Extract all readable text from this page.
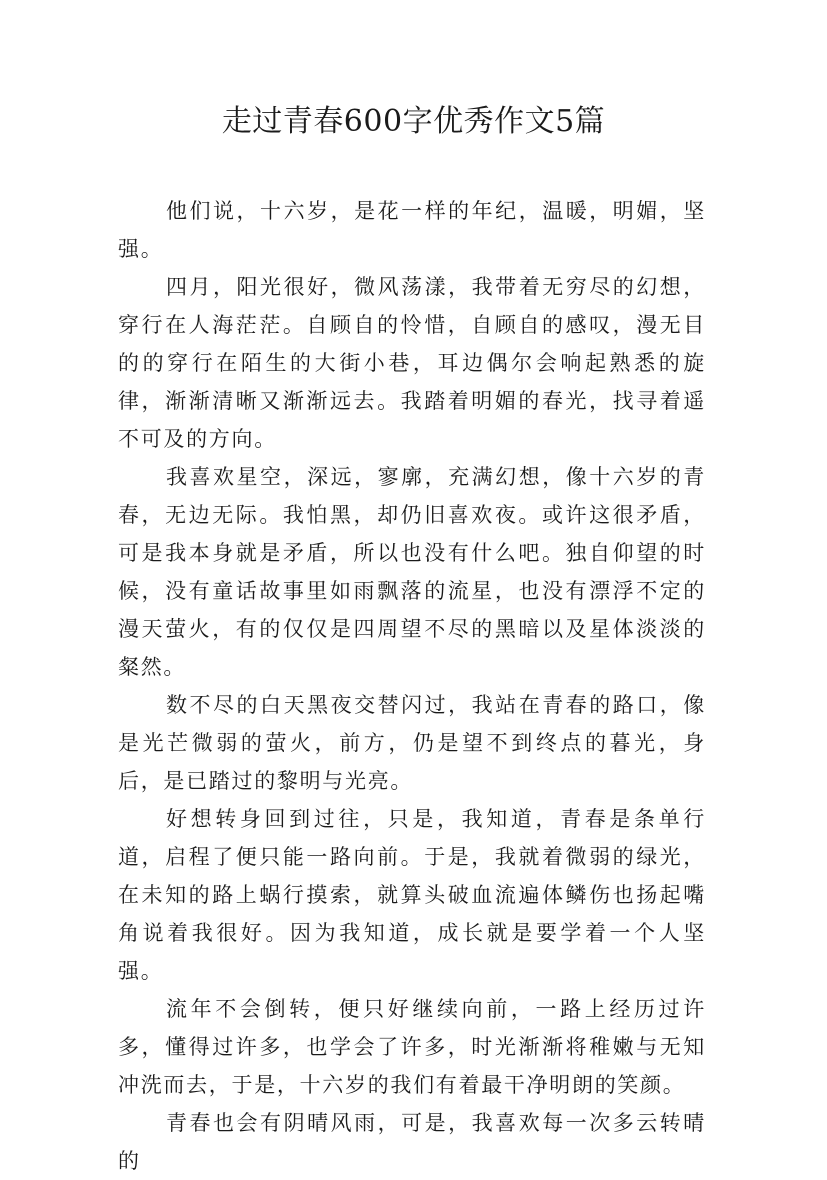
走过青春600字优秀作文5篇

他们说，十六岁，是花一样的年纪，温暖，明媚，坚强。

四月，阳光很好，微风荡漾，我带着无穷尽的幻想，穿行在人海茫茫。自顾自的怜惜，自顾自的感叹，漫无目的的穿行在陌生的大街小巷，耳边偶尔会响起熟悉的旋律，渐渐清晰又渐渐远去。我踏着明媚的春光，找寻着遥不可及的方向。

我喜欢星空，深远，寥廓，充满幻想，像十六岁的青春，无边无际。我怕黑，却仍旧喜欢夜。或许这很矛盾，可是我本身就是矛盾，所以也没有什么吧。独自仰望的时候，没有童话故事里如雨飘落的流星，也没有漂浮不定的漫天萤火，有的仅仅是四周望不尽的黑暗以及星体淡淡的粲然。

数不尽的白天黑夜交替闪过，我站在青春的路口，像是光芒微弱的萤火，前方，仍是望不到终点的暮光，身后，是已踏过的黎明与光亮。

好想转身回到过往，只是，我知道，青春是条单行道，启程了便只能一路向前。于是，我就着微弱的绿光，在未知的路上蜗行摸索，就算头破血流遍体鳞伤也扬起嘴角说着我很好。因为我知道，成长就是要学着一个人坚强。

流年不会倒转，便只好继续向前，一路上经历过许多，懂得过许多，也学会了许多，时光渐渐将稚嫩与无知冲洗而去，于是，十六岁的我们有着最干净明朗的笑颜。

青春也会有阴晴风雨，可是，我喜欢每一次多云转晴的
